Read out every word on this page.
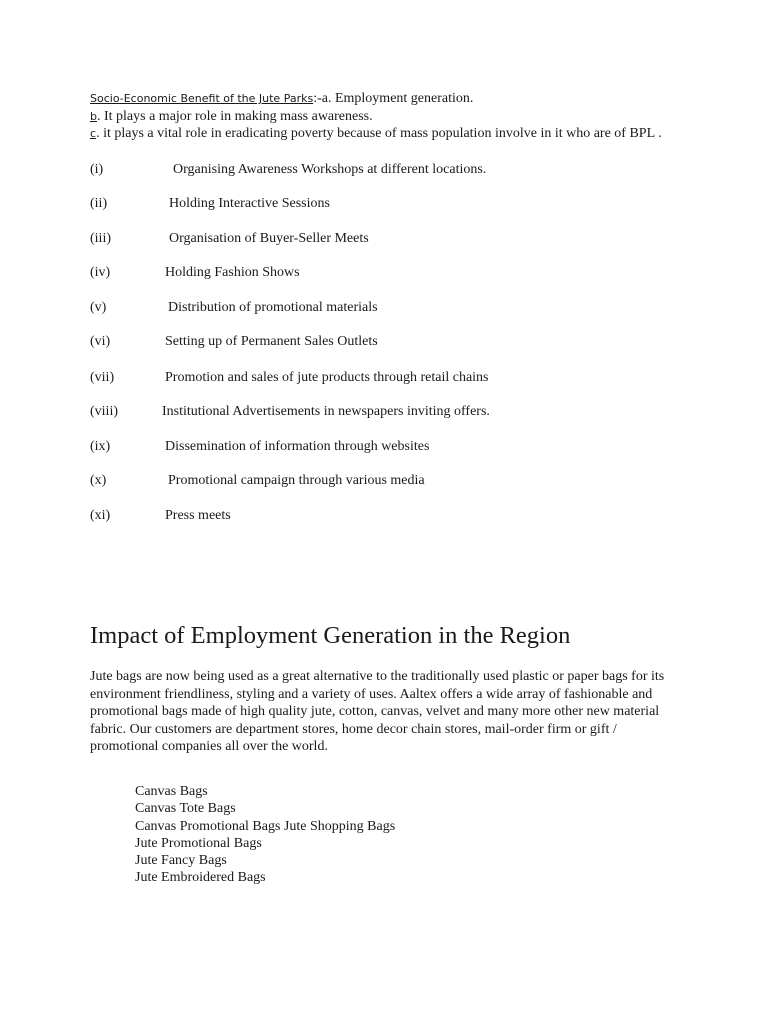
Socio-Economic Benefit of the Jute Parks:-a. Employment generation.
b. It plays a major role in making mass awareness.
c. it plays a vital role in eradicating poverty because of mass population involve in it who are of BPL .
(i)	Organising Awareness Workshops at different locations.
(ii)	Holding Interactive Sessions
(iii)	Organisation of Buyer-Seller Meets
(iv)	Holding Fashion Shows
(v)	Distribution of promotional materials
(vi)	Setting up of Permanent Sales Outlets
(vii)	Promotion and sales of jute products through retail chains
(viii)	Institutional Advertisements in newspapers inviting offers.
(ix)	Dissemination of information through websites
(x)	Promotional campaign through various media
(xi)	Press meets
Impact of Employment Generation in the Region

Jute bags are now being used as a great alternative to the traditionally used plastic or paper bags for its environment friendliness, styling and a variety of uses. Aaltex offers a wide array of fashionable and promotional bags made of high quality jute, cotton, canvas, velvet and many more other new material fabric. Our customers are department stores, home decor chain stores, mail-order firm or gift / promotional companies all over the world.

Canvas Bags
Canvas Tote Bags
Canvas Promotional Bags Jute Shopping Bags
Jute Promotional Bags
Jute Fancy Bags
Jute Embroidered Bags
